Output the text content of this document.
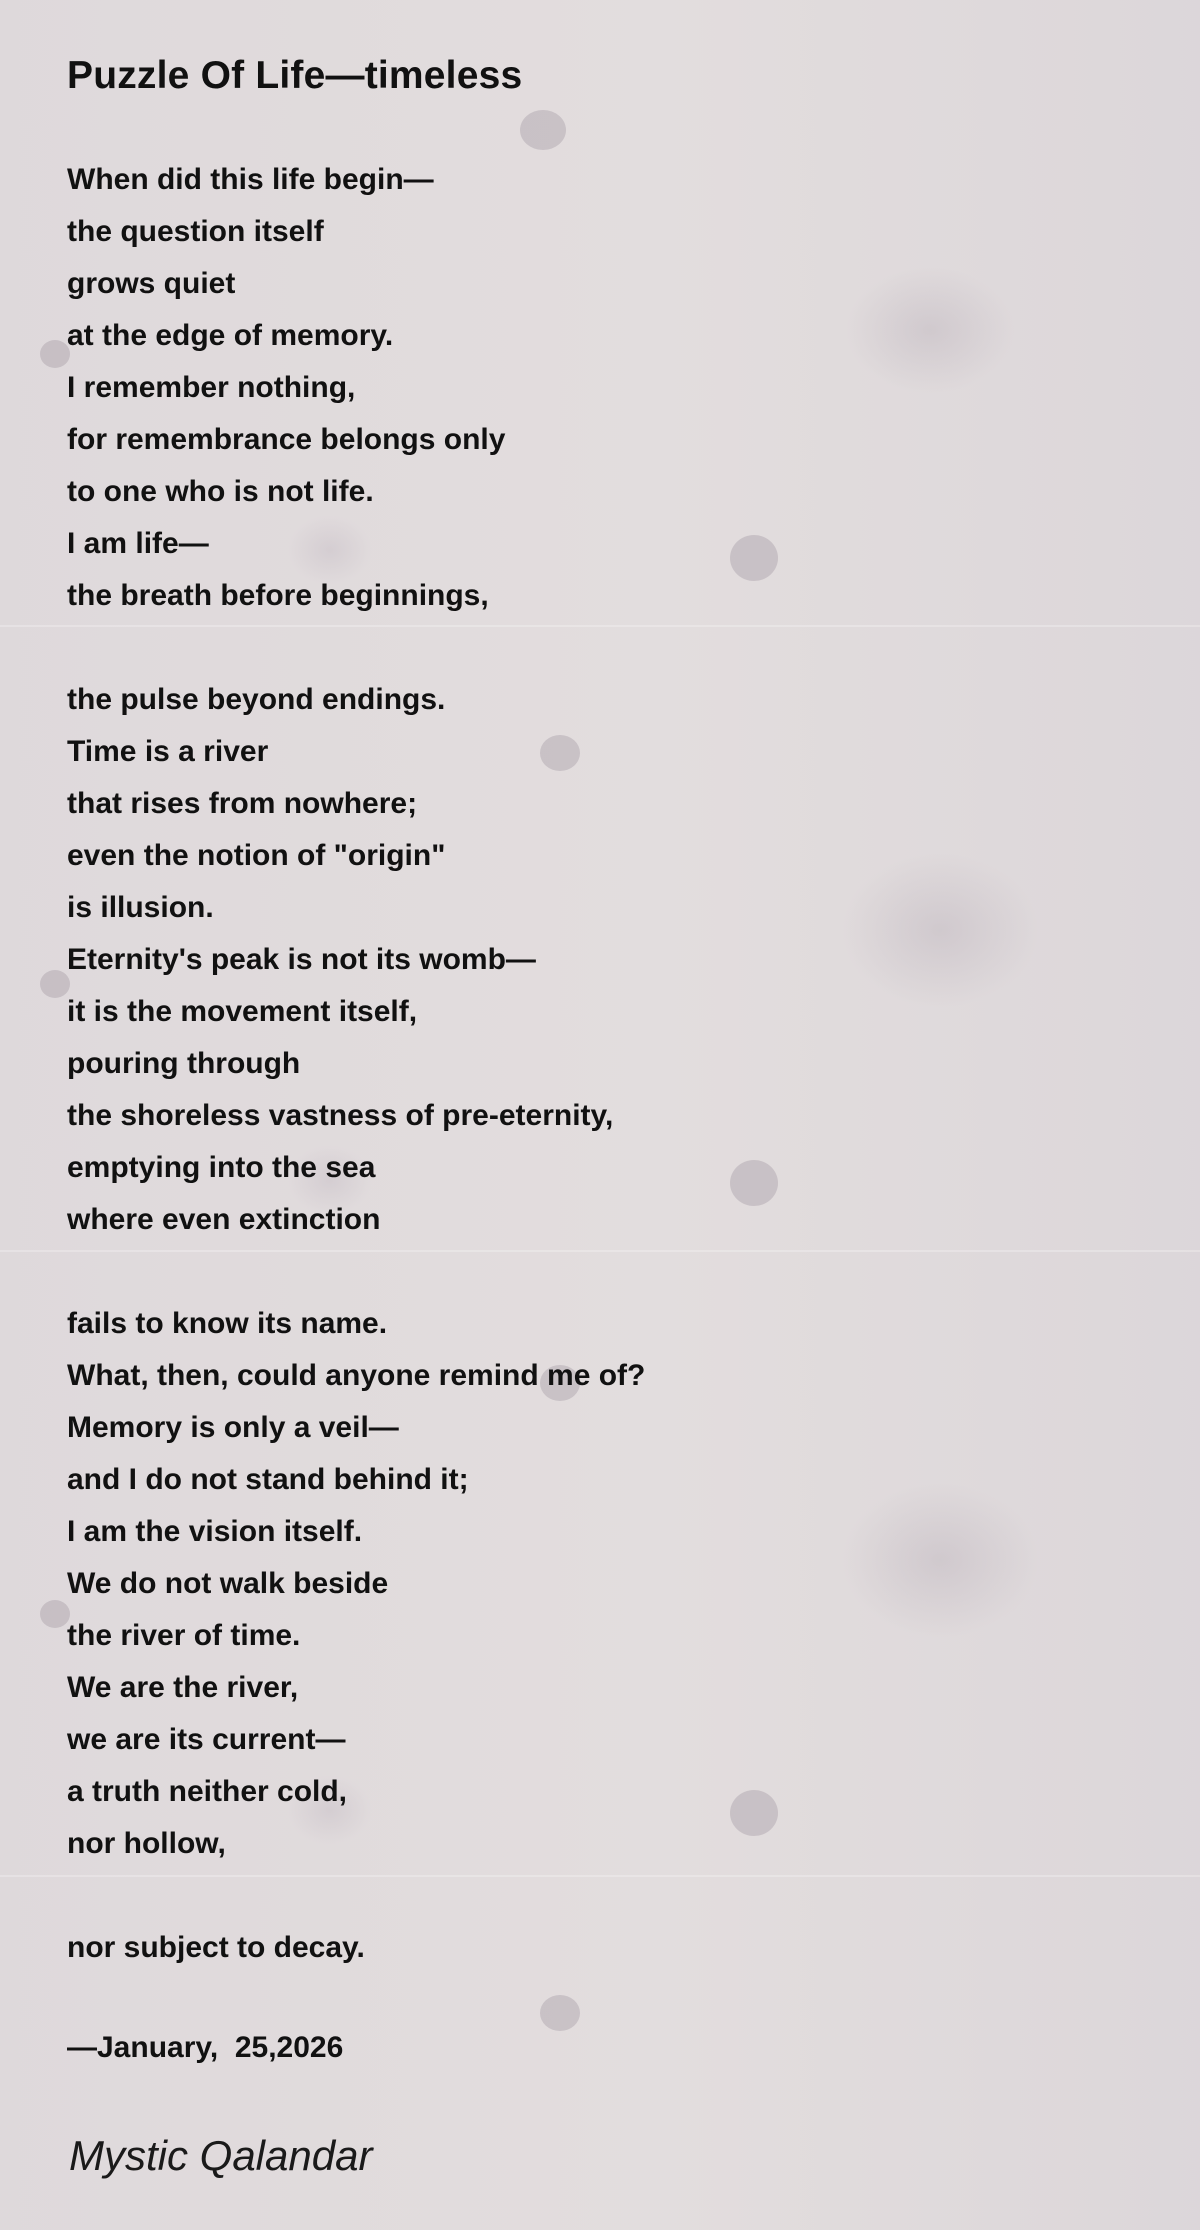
Puzzle Of Life—timeless
When did this life begin—
the question itself
grows quiet
at the edge of memory.
I remember nothing,
for remembrance belongs only
to one who is not life.
I am life—
the breath before beginnings,
the pulse beyond endings.
Time is a river
that rises from nowhere;
even the notion of "origin"
is illusion.
Eternity's peak is not its womb—
it is the movement itself,
pouring through
the shoreless vastness of pre-eternity,
emptying into the sea
where even extinction
fails to know its name.
What, then, could anyone remind me of?
Memory is only a veil—
and I do not stand behind it;
I am the vision itself.
We do not walk beside
the river of time.
We are the river,
we are its current—
a truth neither cold,
nor hollow,
nor subject to decay.
—January,  25,2026
Mystic Qalandar
